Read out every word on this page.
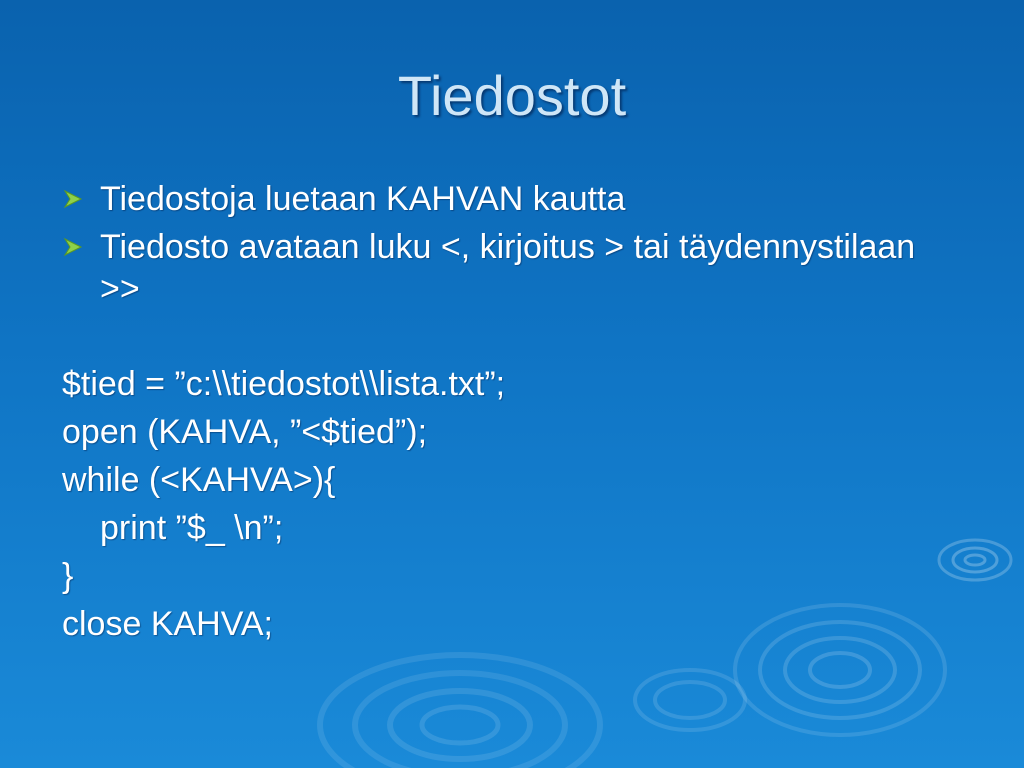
Tiedostot
Tiedostoja luetaan KAHVAN kautta
Tiedosto avataan luku <, kirjoitus > tai täydennystilaan >>
$tied = ”c:\\tiedostot\\lista.txt”;
open (KAHVA, ”<$tied”);
while (<KAHVA>){
print ”$_ \n”;
}
close KAHVA;
